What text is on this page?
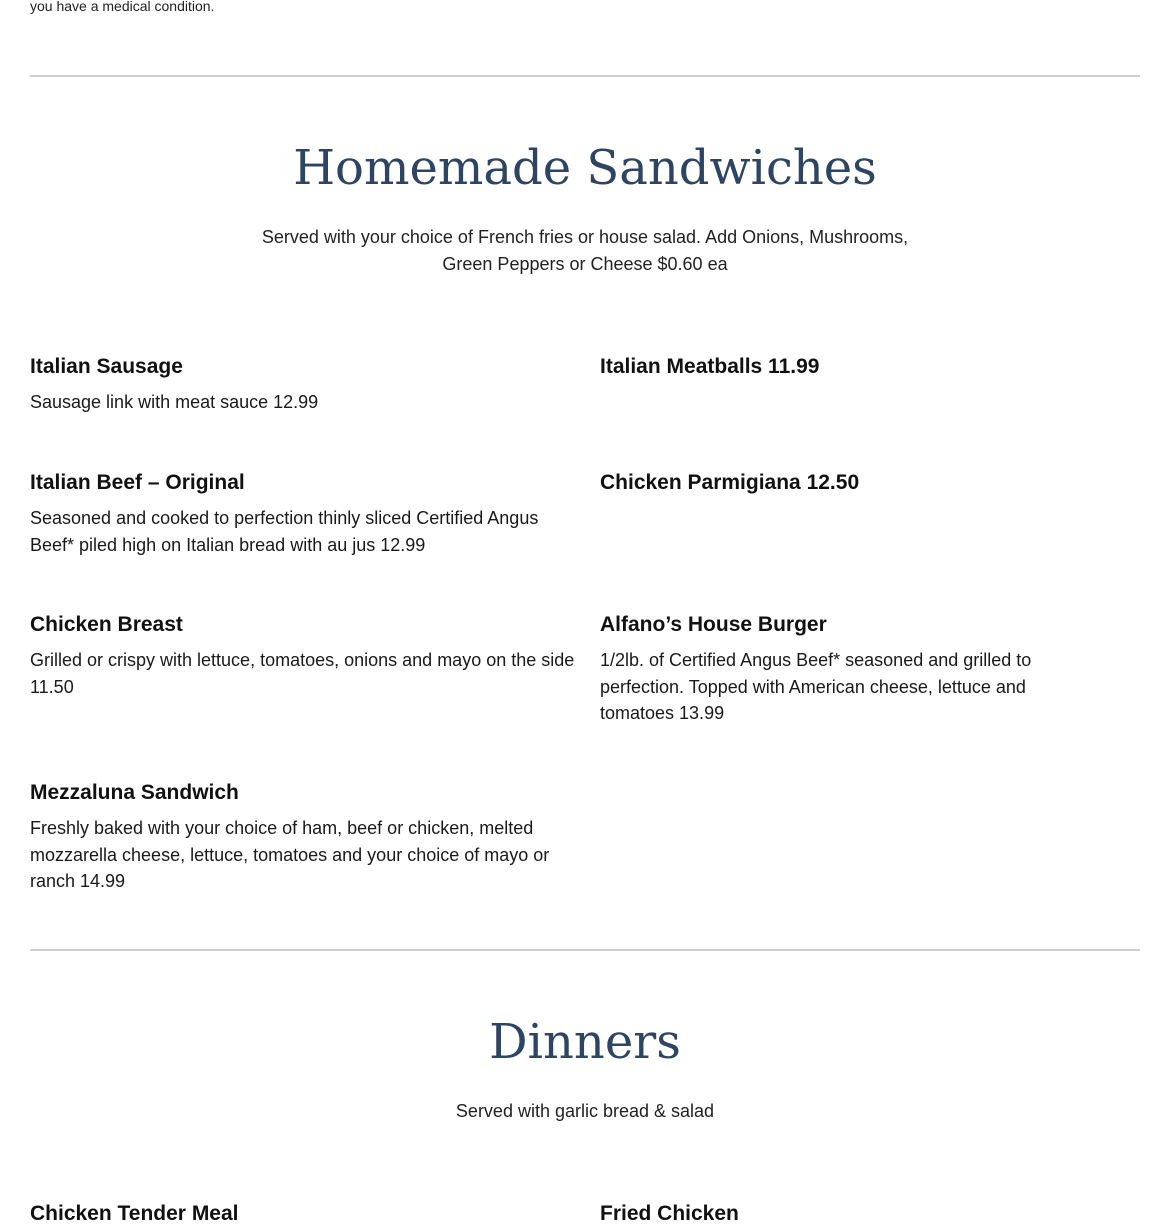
you have a medical condition.
Homemade Sandwiches
Served with your choice of French fries or house salad. Add Onions, Mushrooms,
Green Peppers or Cheese $0.60 ea

Italian Sausage

Sausage link with meat sauce 12.99

Italian Meatballs 11.99

Italian Beef – Original

Seasoned and cooked to perfection thinly sliced Certified Angus Beef* piled high on Italian bread with au jus 12.99

Chicken Parmigiana 12.50

Chicken Breast

Grilled or crispy with lettuce, tomatoes, onions and mayo on the side 11.50

Alfano’s House Burger

1/2lb. of Certified Angus Beef* seasoned and grilled to perfection. Topped with American cheese, lettuce and tomatoes 13.99

Mezzaluna Sandwich

Freshly baked with your choice of ham, beef or chicken, melted mozzarella cheese, lettuce, tomatoes and your choice of mayo or ranch 14.99

Dinners
Served with garlic bread & salad

Chicken Tender Meal	Fried Chicken
